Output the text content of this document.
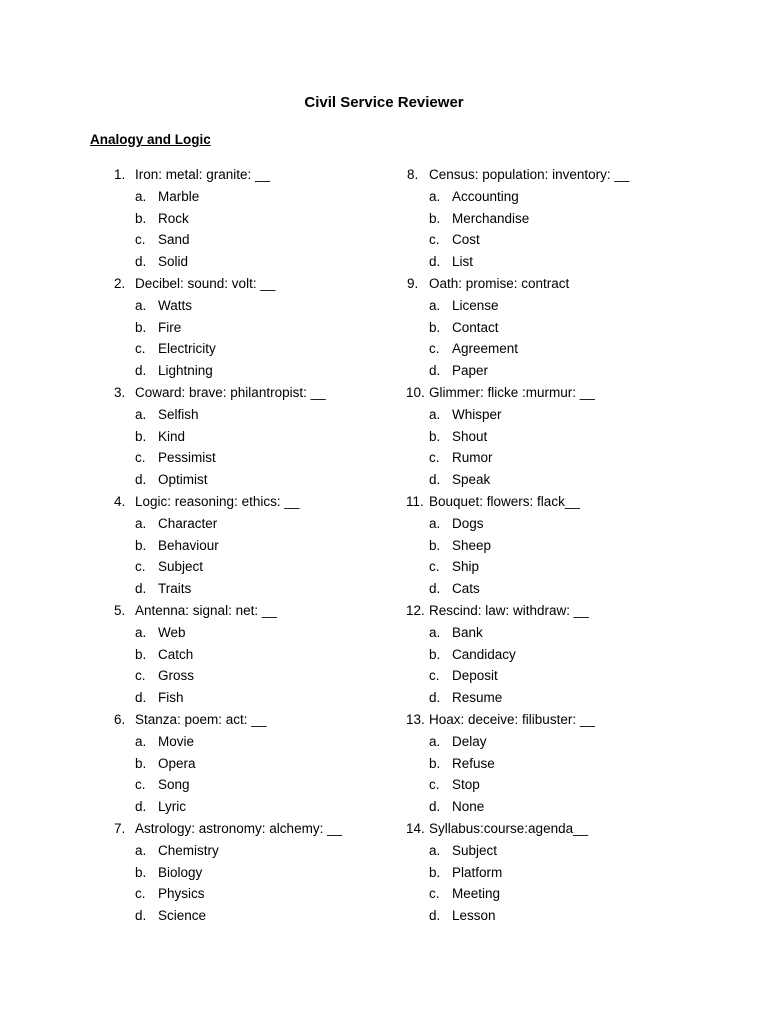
Civil Service Reviewer
Analogy and Logic
1. Iron: metal: granite: __
a. Marble
b. Rock
c. Sand
d. Solid
2. Decibel: sound: volt: __
a. Watts
b. Fire
c. Electricity
d. Lightning
3. Coward: brave: philantropist: __
a. Selfish
b. Kind
c. Pessimist
d. Optimist
4. Logic: reasoning: ethics: __
a. Character
b. Behaviour
c. Subject
d. Traits
5. Antenna: signal: net: __
a. Web
b. Catch
c. Gross
d. Fish
6. Stanza: poem: act: __
a. Movie
b. Opera
c. Song
d. Lyric
7. Astrology: astronomy: alchemy: __
a. Chemistry
b. Biology
c. Physics
d. Science
8. Census: population: inventory: __
a. Accounting
b. Merchandise
c. Cost
d. List
9. Oath: promise: contract
a. License
b. Contact
c. Agreement
d. Paper
10. Glimmer: flicke :murmur: __
a. Whisper
b. Shout
c. Rumor
d. Speak
11. Bouquet: flowers: flack__
a. Dogs
b. Sheep
c. Ship
d. Cats
12. Rescind: law: withdraw: __
a. Bank
b. Candidacy
c. Deposit
d. Resume
13. Hoax: deceive: filibuster: __
a. Delay
b. Refuse
c. Stop
d. None
14. Syllabus:course:agenda__
a. Subject
b. Platform
c. Meeting
d. Lesson
